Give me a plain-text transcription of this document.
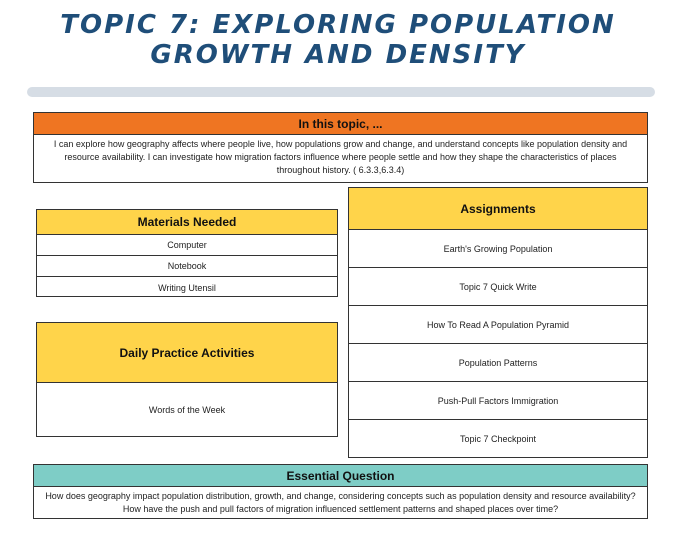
TOPIC 7: EXPLORING POPULATION GROWTH AND DENSITY
In this topic, ...
I can explore how geography affects where people live, how populations grow and change, and understand concepts like population density and resource availability. I can investigate how migration factors influence where people settle and how they shape the characteristics of places throughout history. ( 6.3.3,6.3.4)
Materials Needed
Computer
Notebook
Writing Utensil
Daily Practice Activities
Words of the Week
Assignments
Earth's Growing Population
Topic 7 Quick Write
How To Read A Population Pyramid
Population Patterns
Push-Pull Factors Immigration
Topic 7 Checkpoint
Essential Question
How does geography impact population distribution, growth, and change, considering concepts such as population density and resource availability? How have the push and pull factors of migration influenced settlement patterns and shaped places over time?
